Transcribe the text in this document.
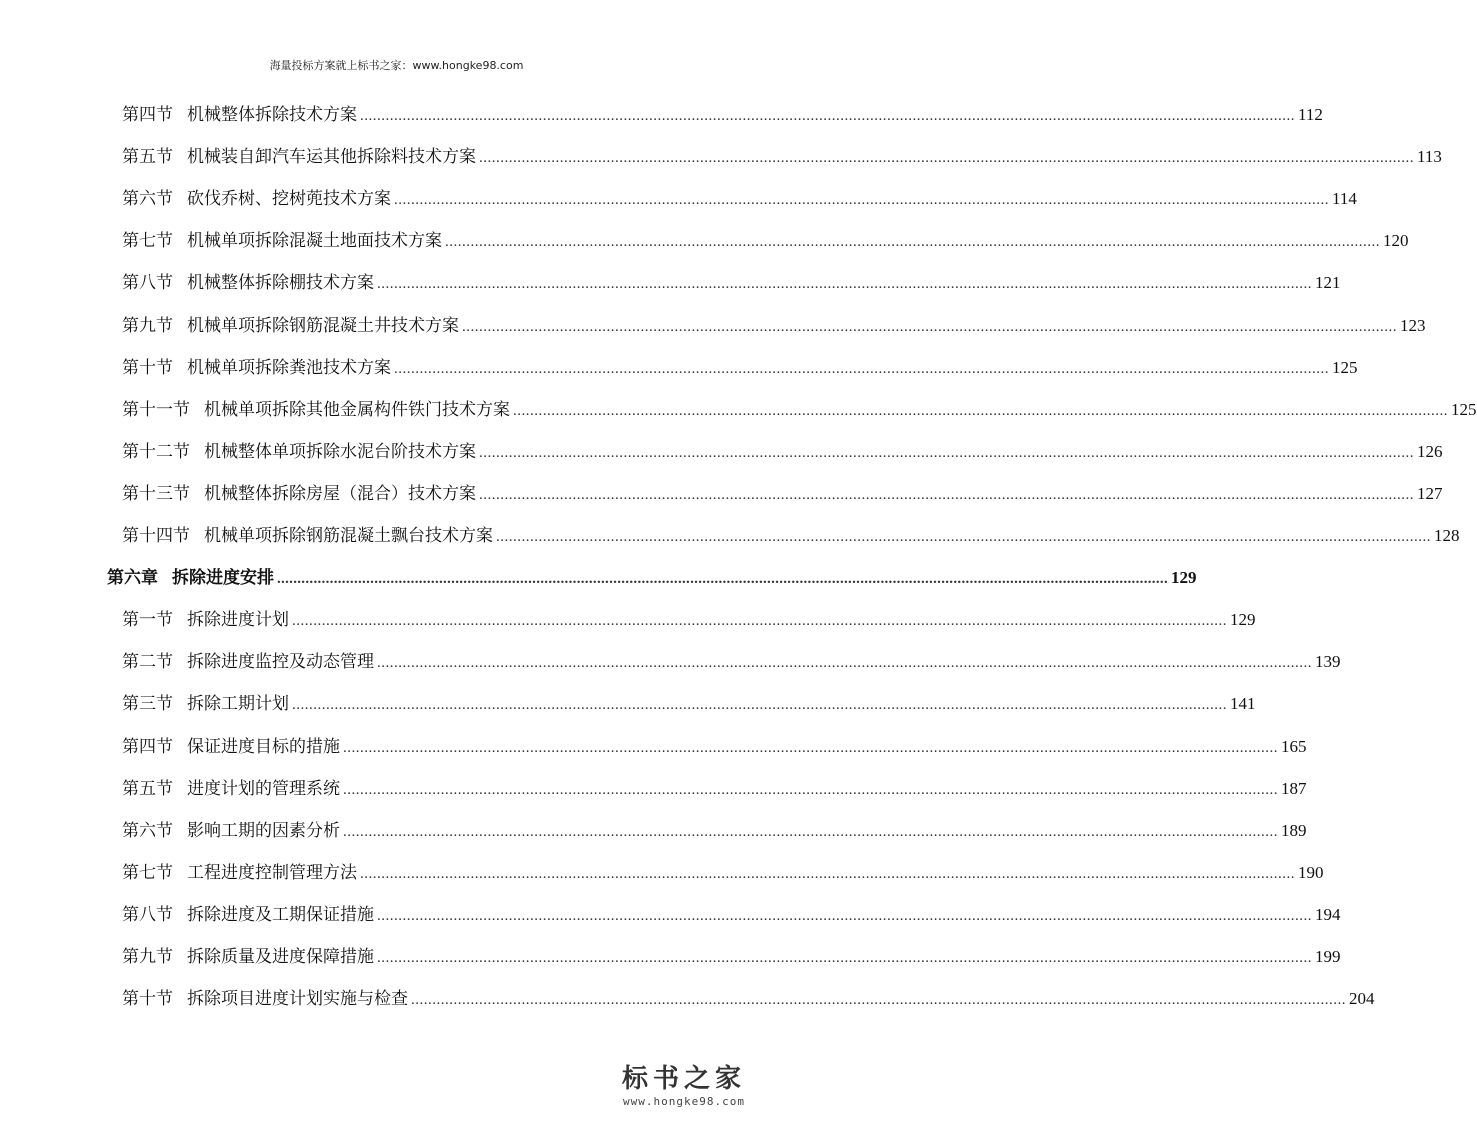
海量投标方案就上标书之家：www.hongke98.com
第四节 机械整体拆除技术方案 ............................................................................................................................................................................................................................ 112
第五节 机械装自卸汽车运其他拆除料技术方案 ............................................................................................................................................................................................................................ 113
第六节 砍伐乔树、挖树蔸技术方案 ............................................................................................................................................................................................................................ 114
第七节 机械单项拆除混凝土地面技术方案 ............................................................................................................................................................................................................................ 120
第八节 机械整体拆除棚技术方案 ............................................................................................................................................................................................................................ 121
第九节 机械单项拆除钢筋混凝土井技术方案 ............................................................................................................................................................................................................................ 123
第十节 机械单项拆除粪池技术方案 ............................................................................................................................................................................................................................ 125
第十一节 机械单项拆除其他金属构件铁门技术方案 ............................................................................................................................................................................................................................ 125
第十二节 机械整体单项拆除水泥台阶技术方案 ............................................................................................................................................................................................................................ 126
第十三节 机械整体拆除房屋（混合）技术方案 ............................................................................................................................................................................................................................ 127
第十四节 机械单项拆除钢筋混凝土飘台技术方案 ............................................................................................................................................................................................................................ 128
第六章 拆除进度安排 ............................................................................................................................................................................................................................ 129
第一节 拆除进度计划 ............................................................................................................................................................................................................................ 129
第二节 拆除进度监控及动态管理 ............................................................................................................................................................................................................................ 139
第三节 拆除工期计划 ............................................................................................................................................................................................................................ 141
第四节 保证进度目标的措施 ............................................................................................................................................................................................................................ 165
第五节 进度计划的管理系统 ............................................................................................................................................................................................................................ 187
第六节 影响工期的因素分析 ............................................................................................................................................................................................................................ 189
第七节 工程进度控制管理方法 ............................................................................................................................................................................................................................ 190
第八节 拆除进度及工期保证措施 ............................................................................................................................................................................................................................ 194
第九节 拆除质量及进度保障措施 ............................................................................................................................................................................................................................ 199
第十节 拆除项目进度计划实施与检查 ............................................................................................................................................................................................................................ 204
标书之家
www.hongke98.com
